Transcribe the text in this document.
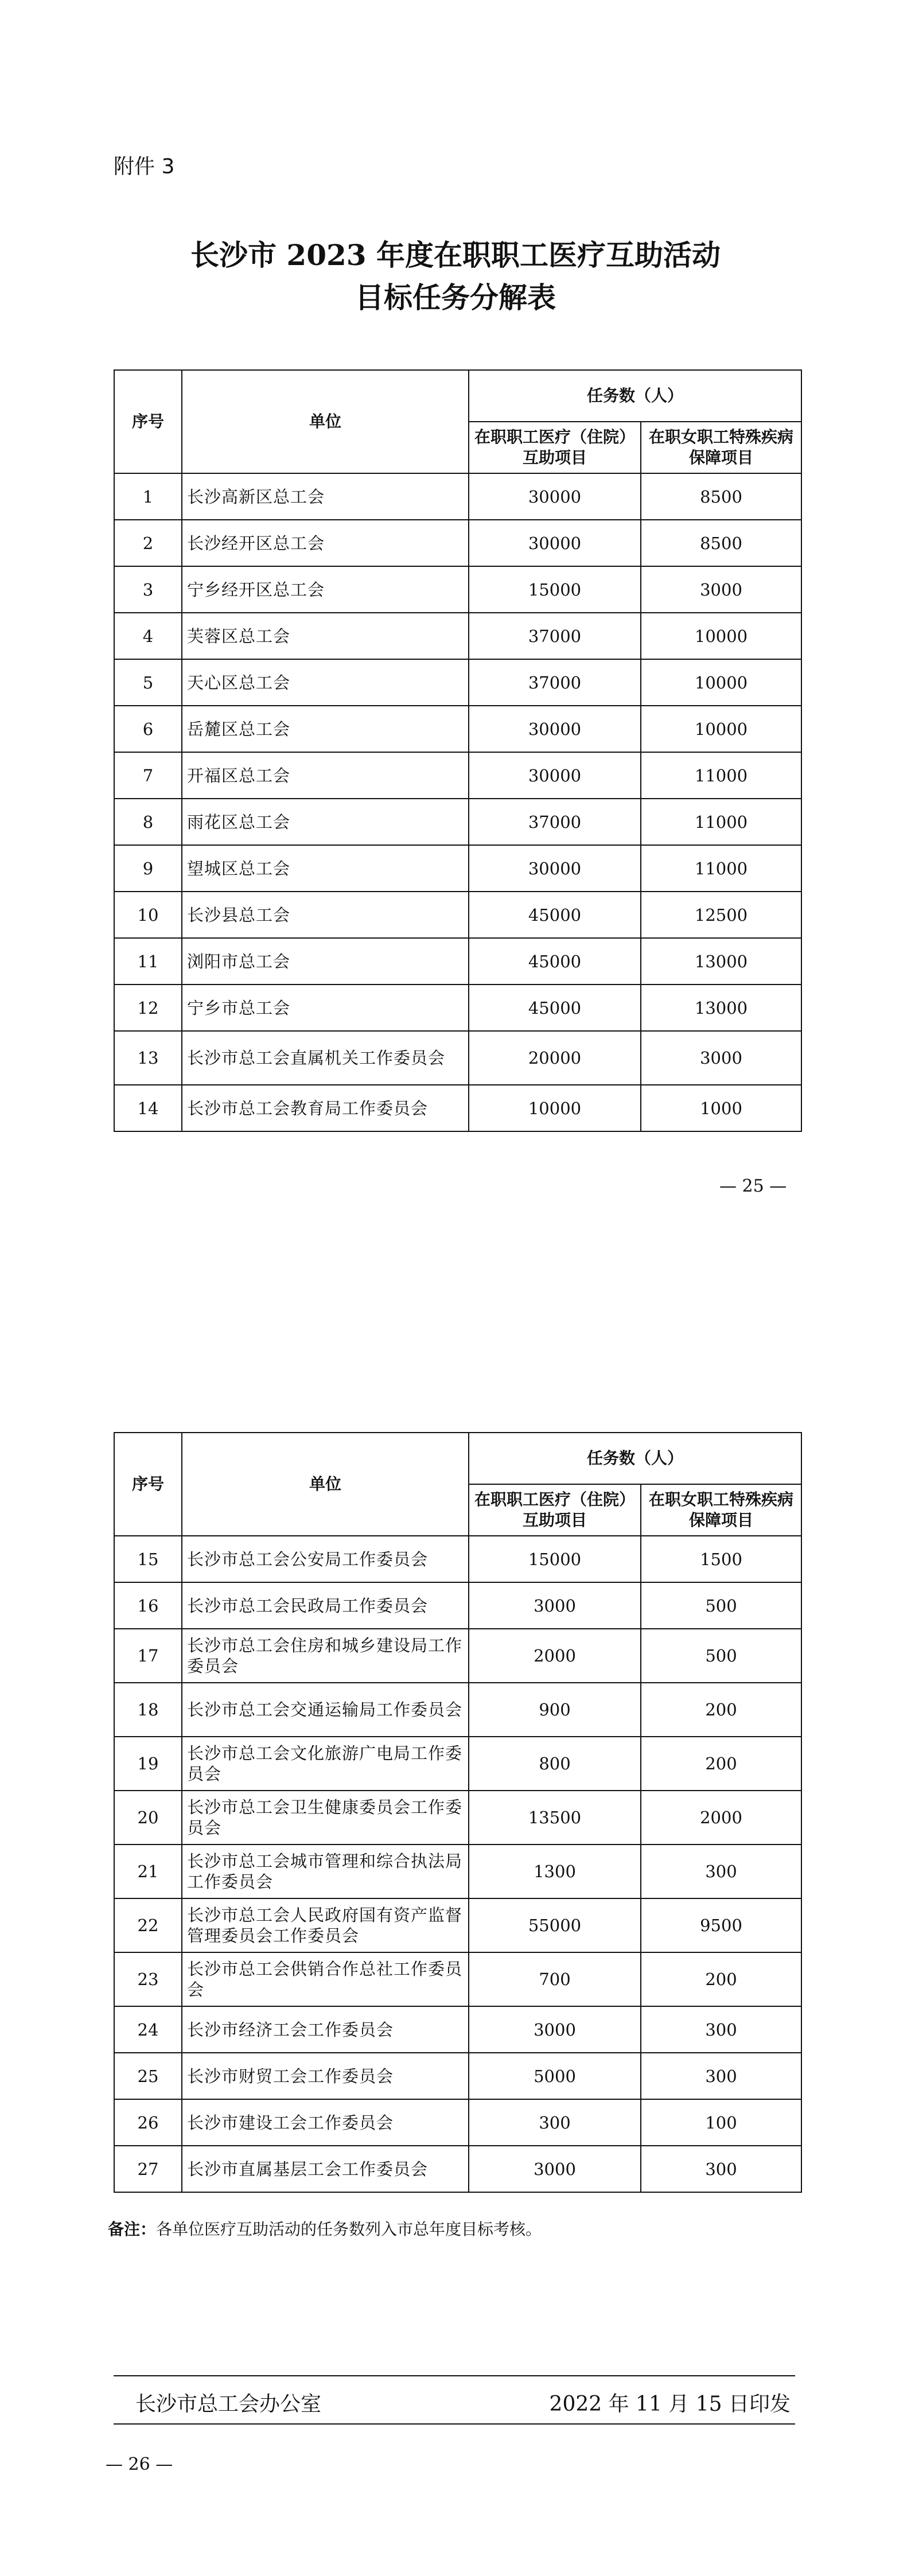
附件 3
长沙市 2023 年度在职职工医疗互助活动
目标任务分解表
序号	单位	任务数（人）	
		在职职工医疗（住院）互助项目	在职女职工特殊疾病保障项目
1	长沙高新区总工会	30000	8500
2	长沙经开区总工会	30000	8500
3	宁乡经开区总工会	15000	3000
4	芙蓉区总工会	37000	10000
5	天心区总工会	37000	10000
6	岳麓区总工会	30000	10000
7	开福区总工会	30000	11000
8	雨花区总工会	37000	11000
9	望城区总工会	30000	11000
10	长沙县总工会	45000	12500
11	浏阳市总工会	45000	13000
12	宁乡市总工会	45000	13000
13	长沙市总工会直属机关工作委员会	20000	3000
14	长沙市总工会教育局工作委员会	10000	1000
— 25 —
序号	单位	任务数（人）	
		在职职工医疗（住院）互助项目	在职女职工特殊疾病保障项目
15	长沙市总工会公安局工作委员会	15000	1500
16	长沙市总工会民政局工作委员会	3000	500
17	长沙市总工会住房和城乡建设局工作委员会	2000	500
18	长沙市总工会交通运输局工作委员会	900	200
19	长沙市总工会文化旅游广电局工作委员会	800	200
20	长沙市总工会卫生健康委员会工作委员会	13500	2000
21	长沙市总工会城市管理和综合执法局工作委员会	1300	300
22	长沙市总工会人民政府国有资产监督管理委员会工作委员会	55000	9500
23	长沙市总工会供销合作总社工作委员会	700	200
24	长沙市经济工会工作委员会	3000	300
25	长沙市财贸工会工作委员会	5000	300
26	长沙市建设工会工作委员会	300	100
27	长沙市直属基层工会工作委员会	3000	300
备注：各单位医疗互助活动的任务数列入市总年度目标考核。
长沙市总工会办公室	2022 年 11 月 15 日印发
— 26 —
